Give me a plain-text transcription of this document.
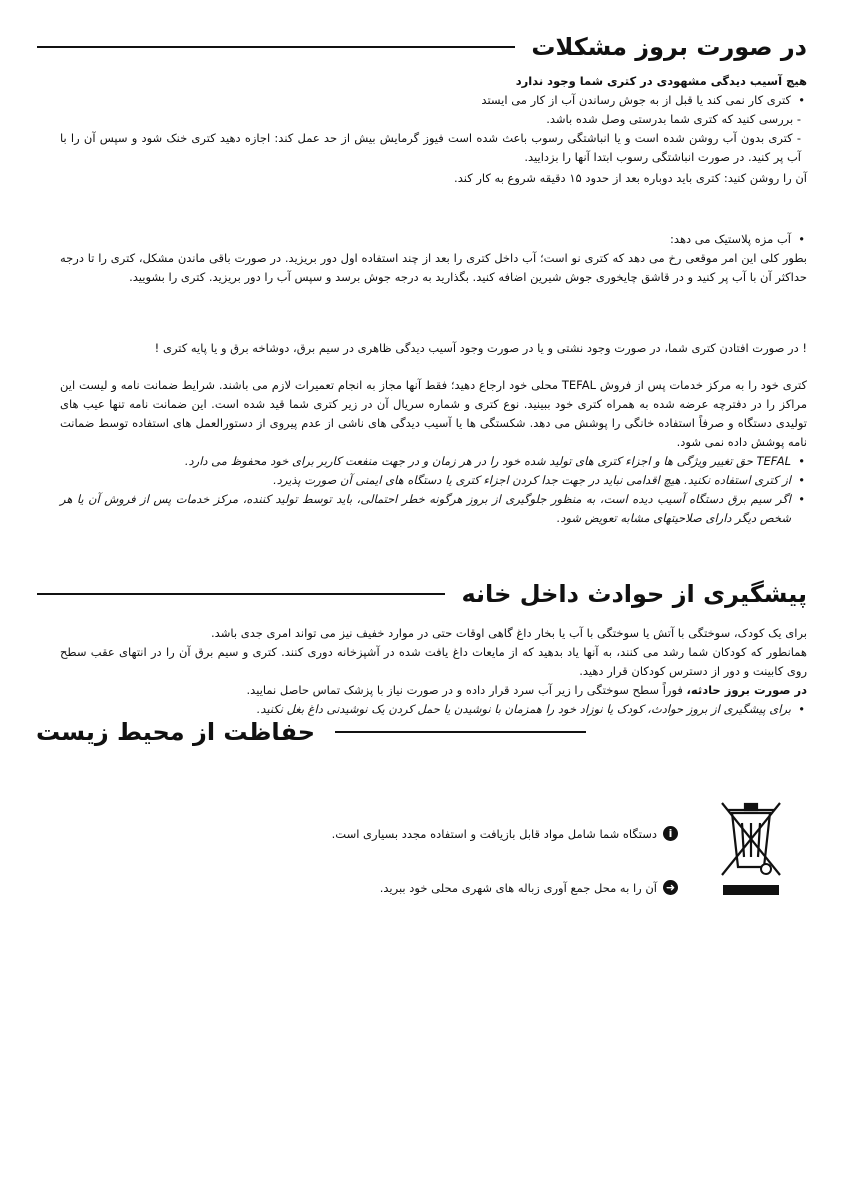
در صورت بروز مشکلات

هیچ آسیب دیدگی مشهودی در کتری شما وجود ندارد

• کتری کار نمی کند یا قبل از به جوش رساندن آب از کار می ایستد

- بررسی کنید که کتری شما بدرستی وصل شده باشد.

- کتری بدون آب روشن شده است و یا انباشتگی رسوب باعث شده است فیوز گرمایش بیش از حد عمل کند: اجازه دهید کتری خنک شود و سپس آن را با آب پر کنید. در صورت انباشتگی رسوب ابتدا آنها را بزدایید.

آن را روشن کنید: کتری باید دوباره بعد از حدود ۱۵ دقیقه شروع به کار کند.

• آب مزه پلاستیک می دهد:

بطور کلی این امر موقعی رخ می دهد که کتری نو است؛ آب داخل کتری را بعد از چند استفاده اول دور بریزید. در صورت باقی ماندن مشکل، کتری را تا درجه حداکثر آن با آب پر کنید و در قاشق چایخوری جوش شیرین اضافه کنید. بگذارید به درجه جوش برسد و سپس آب را دور بریزید. کتری را بشویید.

! در صورت افتادن کتری شما، در صورت وجود نشتی و یا در صورت وجود آسیب دیدگی ظاهری در سیم برق، دوشاخه برق و یا پایه کتری !

کتری خود را به مرکز خدمات پس از فروش TEFAL محلی خود ارجاع دهید؛ فقط آنها مجاز به انجام تعمیرات لازم می باشند. شرایط ضمانت نامه و لیست این مراکز را در دفترچه عرضه شده به همراه کتری خود ببینید. نوع کتری و شماره سریال آن در زیر کتری شما قید شده است. این ضمانت نامه تنها عیب های تولیدی دستگاه و صرفاً استفاده خانگی را پوشش می دهد. شکستگی ها یا آسیب دیدگی های ناشی از عدم پیروی از دستورالعمل های استفاده توسط ضمانت نامه پوشش داده نمی شود.

• TEFAL حق تغییر ویژگی ها و اجزاء کتری های تولید شده خود را در هر زمان و در جهت منفعت کاربر برای خود محفوظ می دارد.

• از کتری استفاده نکنید. هیچ اقدامی نباید در جهت جدا کردن اجزاء کتری یا دستگاه های ایمنی آن صورت پذیرد.

• اگر سیم برق دستگاه آسیب دیده است، به منظور جلوگیری از بروز هرگونه خطر احتمالی، باید توسط تولید کننده، مرکز خدمات پس از فروش آن یا هر شخص دیگر دارای صلاحیتهای مشابه تعویض شود.

پیشگیری از حوادث داخل خانه

برای یک کودک، سوختگی با آتش یا سوختگی با آب یا بخار داغ گاهی اوقات حتی در موارد خفیف نیز می تواند امری جدی باشد.

همانطور که کودکان شما رشد می کنند، به آنها یاد بدهید که از مایعات داغ یافت شده در آشپزخانه دوری کنند. کتری و سیم برق آن را در انتهای عقب سطح روی کابینت و دور از دسترس کودکان قرار دهید.

در صورت بروز حادثه، فوراً سطح سوختگی را زیر آب سرد قرار داده و در صورت نیاز با پزشک تماس حاصل نمایید.

• برای پیشگیری از بروز حوادث، کودک یا نوزاد خود را همزمان با نوشیدن یا حمل کردن یک نوشیدنی داغ بغل نکنید.

حفاظت از محیط زیست
i
دستگاه شما شامل مواد قابل بازیافت و استفاده مجدد بسیاری است.
➜
آن را به محل جمع آوری زباله های شهری محلی خود ببرید.
